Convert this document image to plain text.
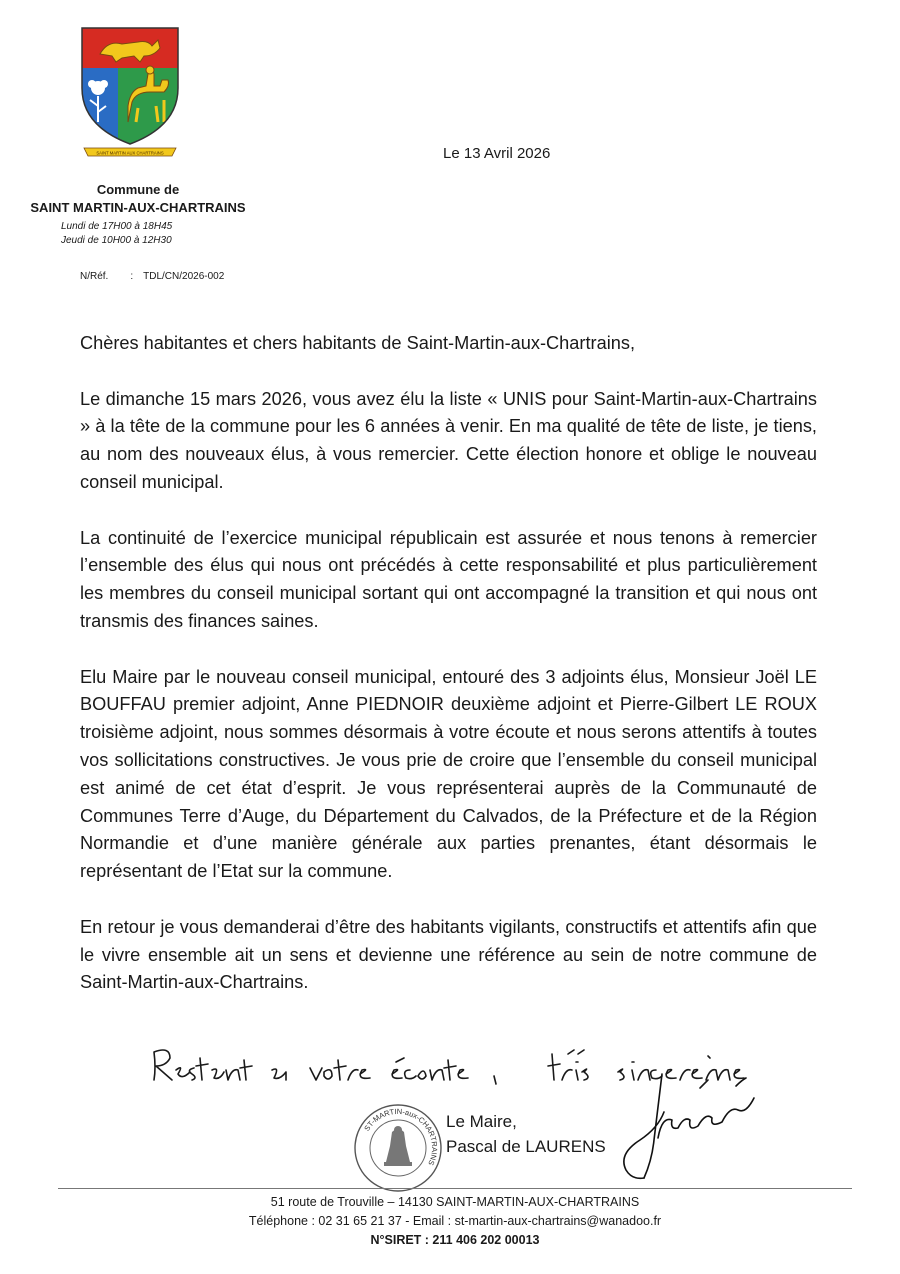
SAINT MARTIN AUX CHARTRAINS	Le 13 Avril 2026
Commune de
SAINT MARTIN-AUX-CHARTRAINS
Lundi de 17H00 à 18H45
Jeudi de 10H00 à 12H30
N/Réf. : TDL/CN/2026-002

Chères habitantes et chers habitants de Saint-Martin-aux-Chartrains,

Le dimanche 15 mars 2026, vous avez élu la liste « UNIS pour Saint-Martin-aux-Chartrains » à la tête de la commune pour les 6 années à venir. En ma qualité de tête de liste, je tiens, au nom des nouveaux élus, à vous remercier. Cette élection honore et oblige le nouveau conseil municipal.

La continuité de l’exercice municipal républicain est assurée et nous tenons à remercier l’ensemble des élus qui nous ont précédés à cette responsabilité et plus particulièrement les membres du conseil municipal sortant qui ont accompagné la transition et qui nous ont transmis des finances saines.

Elu Maire par le nouveau conseil municipal, entouré des 3 adjoints élus, Monsieur Joël LE BOUFFAU premier adjoint, Anne PIEDNOIR deuxième adjoint et Pierre-Gilbert LE ROUX troisième adjoint, nous sommes désormais à votre écoute et nous serons attentifs à toutes vos sollicitations constructives. Je vous prie de croire que l’ensemble du conseil municipal est animé de cet état d’esprit. Je vous représenterai auprès de la Communauté de Communes Terre d’Auge, du Département du Calvados, de la Préfecture et de la Région Normandie et d’une manière générale aux parties prenantes, étant désormais le représentant de l’Etat sur la commune.

En retour je vous demanderai d’être des habitants vigilants, constructifs et attentifs afin que le vivre ensemble ait un sens et devienne une référence au sein de notre commune de Saint-Martin-aux-Chartrains.

ST-MARTIN-aux-CHARTRAINS
Le Maire,
Pascal de LAURENS
51 route de Trouville – 14130 SAINT-MARTIN-AUX-CHARTRAINS
Téléphone : 02 31 65 21 37 - Email : st-martin-aux-chartrains@wanadoo.fr
N°SIRET : 211 406 202 00013
